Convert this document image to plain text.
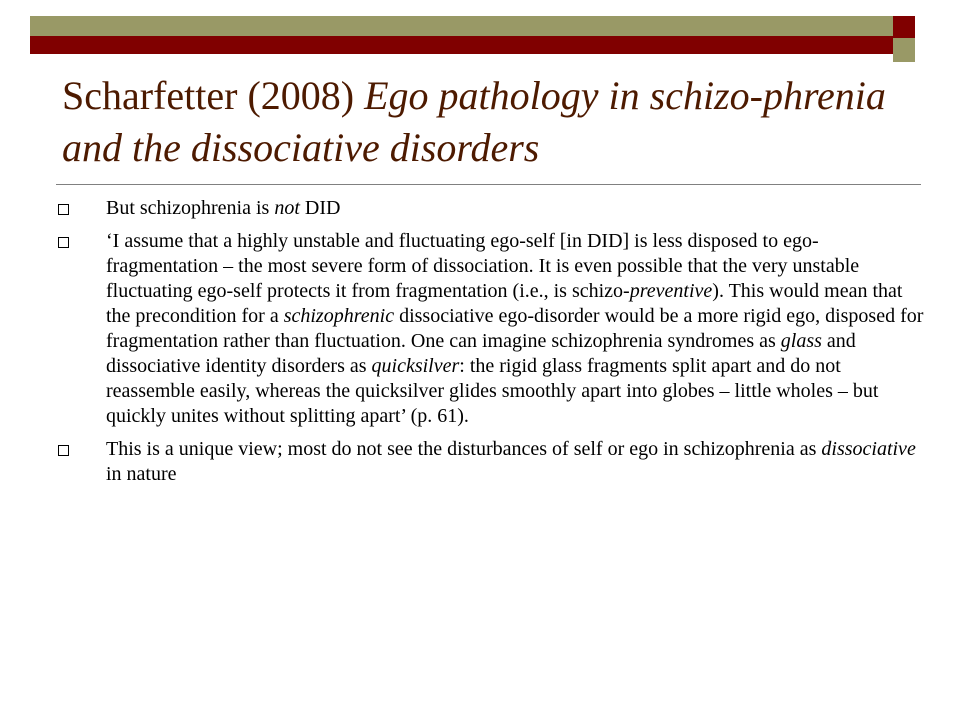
Scharfetter (2008) Ego pathology in schizo-phrenia and the dissociative disorders
But schizophrenia is not DID
‘I assume that a highly unstable and fluctuating ego-self [in DID] is less disposed to ego-fragmentation – the most severe form of dissociation. It is even possible that the very unstable fluctuating ego-self protects it from fragmentation (i.e., is schizo-preventive). This would mean that the precondition for a schizophrenic dissociative ego-disorder would be a more rigid ego, disposed for fragmentation rather than fluctuation. One can imagine schizophrenia syndromes as glass and dissociative identity disorders as quicksilver: the rigid glass fragments split apart and do not reassemble easily, whereas the quicksilver glides smoothly apart into globes – little wholes – but quickly unites without splitting apart’ (p. 61).
This is a unique view; most do not see the disturbances of self or ego in schizophrenia as dissociative in nature
